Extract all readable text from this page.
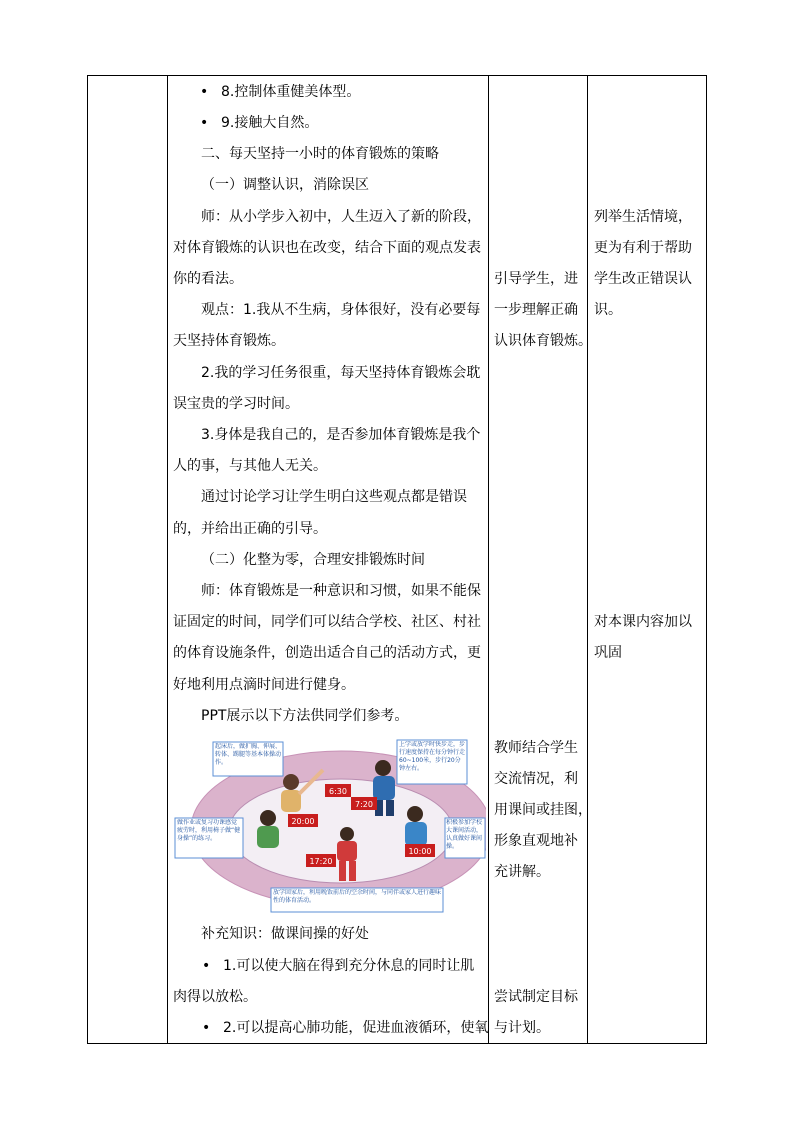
• 8.控制体重健美体型。
• 9.接触大自然。
二、每天坚持一小时的体育锻炼的策略
（一）调整认识，消除误区
师：从小学步入初中，人生迈入了新的阶段，
对体育锻炼的认识也在改变，结合下面的观点发表
你的看法。
观点：1.我从不生病，身体很好，没有必要每
天坚持体育锻炼。
2.我的学习任务很重，每天坚持体育锻炼会耽
误宝贵的学习时间。
3.身体是我自己的，是否参加体育锻炼是我个
人的事，与其他人无关。
通过讨论学习让学生明白这些观点都是错误
的，并给出正确的引导。
（二）化整为零，合理安排锻炼时间
师：体育锻炼是一种意识和习惯，如果不能保
证固定的时间，同学们可以结合学校、社区、村社
的体育设施条件，创造出适合自己的活动方式，更
好地利用点滴时间进行健身。
PPT展示以下方法供同学们参考。
6:30
7:20
20:00
10:00
17:20
起床后，做扩胸、伸展、转体、踢腿等基本体操动作。
上学或放学时快步走，步行速度保持在每分钟行走60~100米，步行20分钟左右。
做作业或复习功课感觉疲劳时，利用椅子做“健身操”的练习。
积极参加学校大课间活动，认真做好课间操。
放学回家后，利用晚饭前后的空余时间，与同伴或家人进行趣味性的体育活动。
补充知识：做课间操的好处
• 1.可以使大脑在得到充分休息的同时让肌
肉得以放松。
• 2.可以提高心肺功能，促进血液循环，使氧
引导学生，进
一步理解正确
认识体育锻炼。
教师结合学生
交流情况，利
用课间或挂图，
形象直观地补
充讲解。
尝试制定目标
与计划。
列举生活情境，
更为有利于帮助
学生改正错误认
识。
对本课内容加以
巩固
